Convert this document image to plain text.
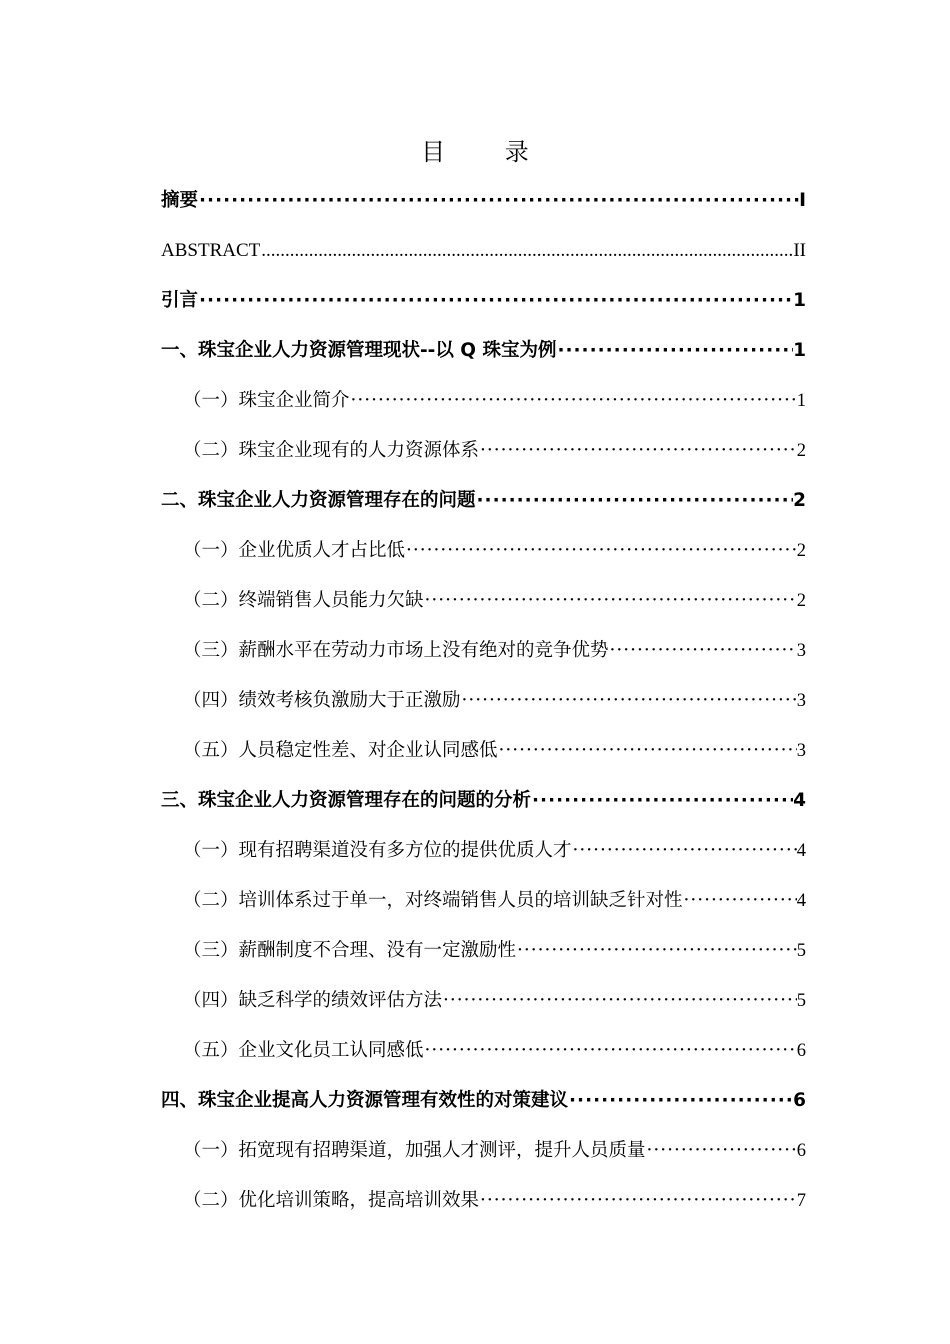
目 录
摘要 ·····	I
ABSTRACT .....	II
引言 ·····	1
一、珠宝企业人力资源管理现状--以 Q 珠宝为例 ·····	1
（一）珠宝企业简介 ·····	1
（二）珠宝企业现有的人力资源体系 ·····	2
二、珠宝企业人力资源管理存在的问题 ·····	2
（一）企业优质人才占比低 ·····	2
（二）终端销售人员能力欠缺 ·····	2
（三）薪酬水平在劳动力市场上没有绝对的竞争优势 ·····	3
（四）绩效考核负激励大于正激励 ·····	3
（五）人员稳定性差、对企业认同感低 ·····	3
三、珠宝企业人力资源管理存在的问题的分析 ·····	4
（一）现有招聘渠道没有多方位的提供优质人才 ·····	4
（二）培训体系过于单一，对终端销售人员的培训缺乏针对性 ·····	4
（三）薪酬制度不合理、没有一定激励性 ·····	5
（四）缺乏科学的绩效评估方法 ·····	5
（五）企业文化员工认同感低 ·····	6
四、珠宝企业提高人力资源管理有效性的对策建议 ·····	6
（一）拓宽现有招聘渠道，加强人才测评，提升人员质量 ·····	6
（二）优化培训策略，提高培训效果 ·····	7
